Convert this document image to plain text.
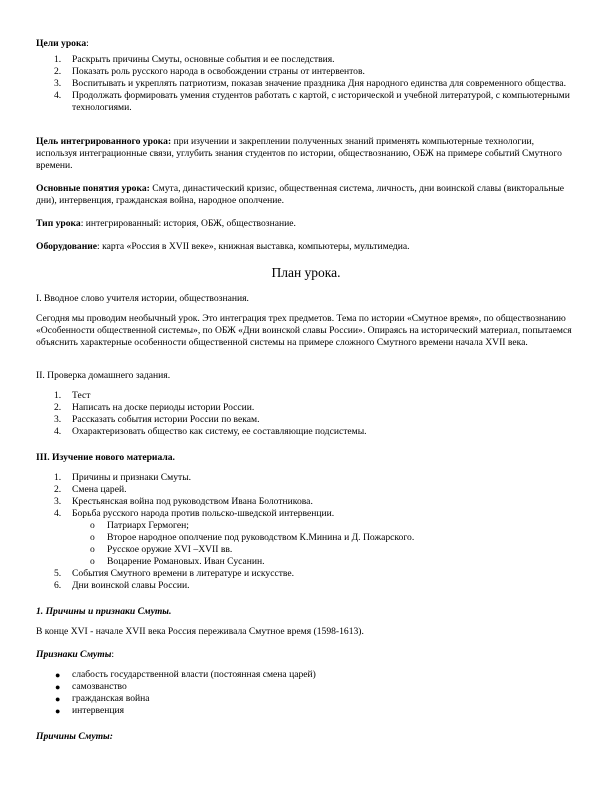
Цели урока:

1. Раскрыть причины Смуты, основные события и ее последствия.
2. Показать роль русского народа в освобождении страны от интервентов.
3. Воспитывать и укреплять патриотизм, показав значение праздника Дня народного единства для современного общества.
4. Продолжать формировать умения студентов работать с картой, с исторической и учебной литературой, с компьютерными технологиями.

Цель интегрированного урока: при изучении и закреплении полученных знаний применять компьютерные технологии, используя интеграционные связи, углубить знания студентов по истории, обществознанию, ОБЖ на примере событий Смутного времени.

Основные понятия урока: Смута, династический кризис, общественная система, личность, дни воинской славы (викторальные дни), интервенция, гражданская война, народное ополчение.

Тип урока: интегрированный: история, ОБЖ, обществознание.

Оборудование: карта «Россия в XVII веке», книжная выставка, компьютеры, мультимедиа.

План урока.

I. Вводное слово учителя истории, обществознания.

Сегодня мы проводим необычный урок. Это интеграция трех предметов. Тема по истории «Смутное время», по обществознанию «Особенности общественной системы», по ОБЖ «Дни воинской славы России». Опираясь на исторический материал, попытаемся объяснить характерные особенности общественной системы на примере сложного Смутного времени начала XVII века.

II. Проверка домашнего задания.

1. Тест
2. Написать на доске периоды истории России.
3. Рассказать события истории России по векам.
4. Охарактеризовать общество как систему, ее составляющие подсистемы.

III. Изучение нового материала.

1. Причины и признаки Смуты.
2. Смена царей.
3. Крестьянская война под руководством Ивана Болотникова.
4. Борьба русского народа против польско-шведской интервенции.
o Патриарх Гермоген;
o Второе народное ополчение под руководством К.Минина и Д. Пожарского.
o Русское оружие XVI –XVII вв.
o Воцарение Романовых. Иван Сусанин.
5. События Смутного времени в литературе и искусстве.
6. Дни воинской славы России.

1. Причины и признаки Смуты.

В конце XVI - начале XVII века Россия переживала Смутное время (1598-1613).

Признаки Смуты:

● слабость государственной власти (постоянная смена царей)
● самозванство
● гражданская война
● интервенция

Причины Смуты:
